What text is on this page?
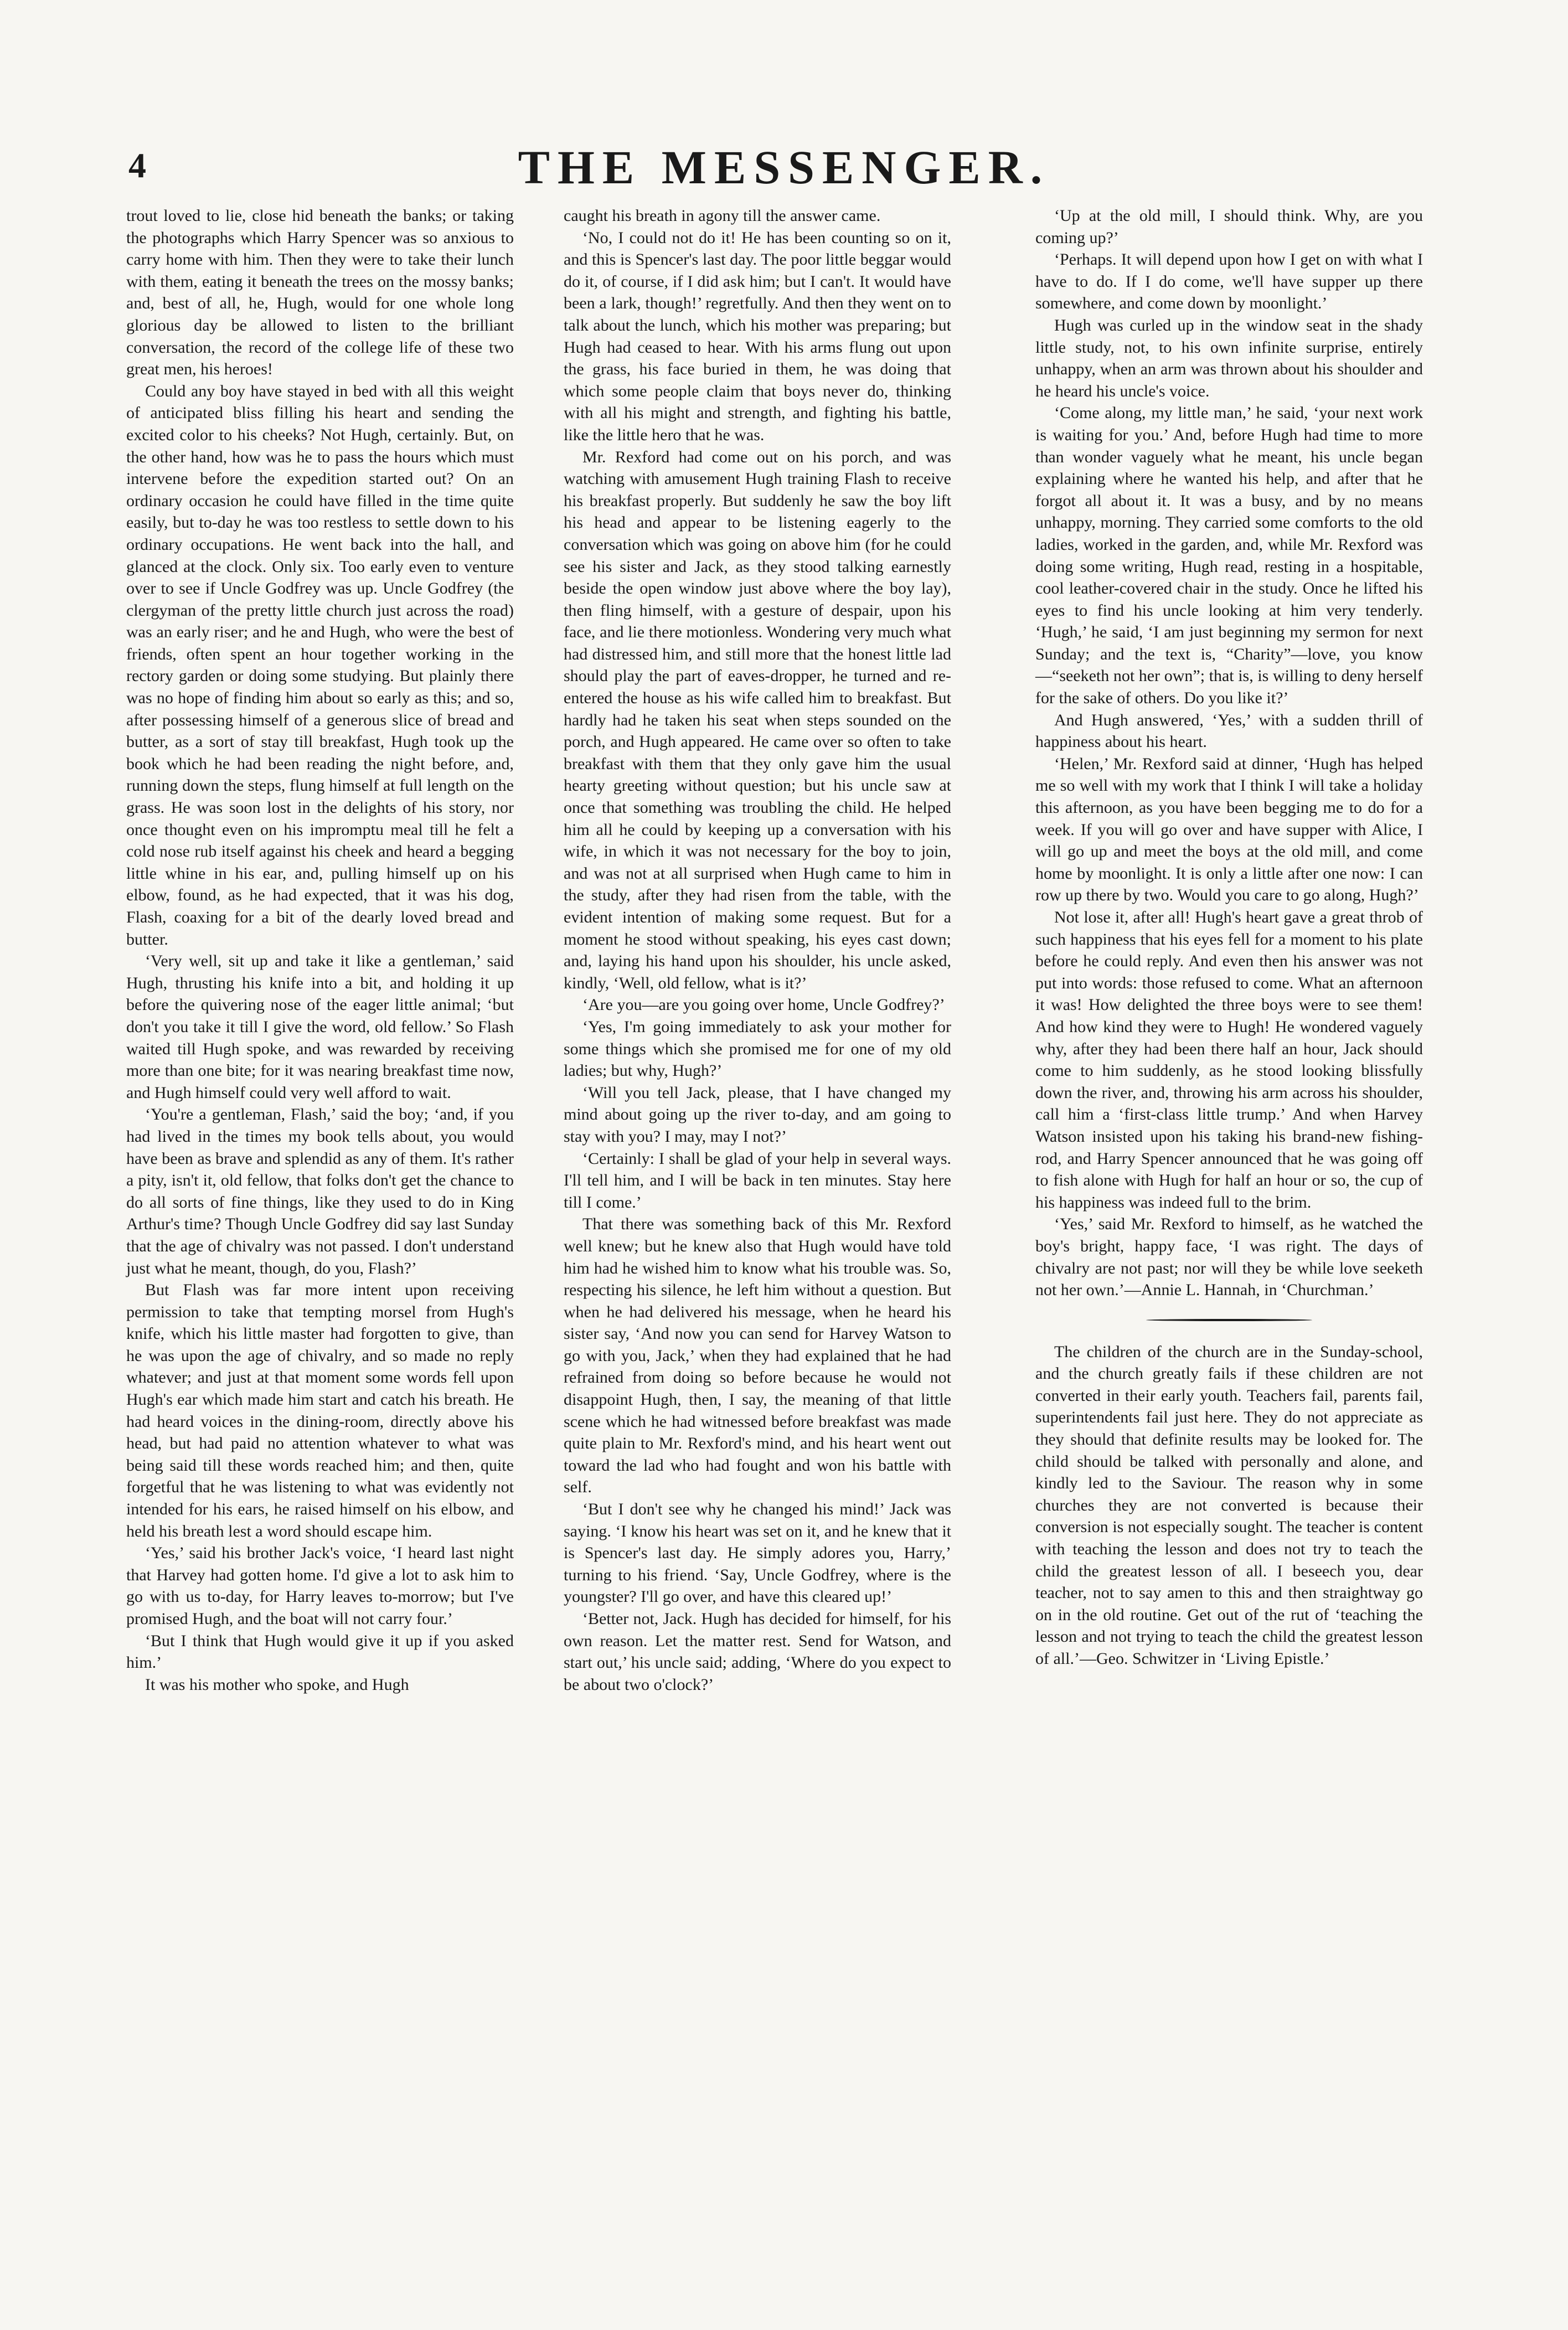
4	THE MESSENGER.

trout loved to lie, close hid beneath the banks; or taking the photographs which Harry Spencer was so anxious to carry home with him. Then they were to take their lunch with them, eating it beneath the trees on the mossy banks; and, best of all, he, Hugh, would for one whole long glorious day be allowed to listen to the brilliant conversation, the record of the college life of these two great men, his heroes!

Could any boy have stayed in bed with all this weight of anticipated bliss filling his heart and sending the excited color to his cheeks? Not Hugh, certainly. But, on the other hand, how was he to pass the hours which must intervene before the expedition started out? On an ordinary occasion he could have filled in the time quite easily, but to-day he was too restless to settle down to his ordinary occupations. He went back into the hall, and glanced at the clock. Only six. Too early even to venture over to see if Uncle Godfrey was up. Uncle Godfrey (the clergyman of the pretty little church just across the road) was an early riser; and he and Hugh, who were the best of friends, often spent an hour together working in the rectory garden or doing some studying. But plainly there was no hope of finding him about so early as this; and so, after possessing himself of a generous slice of bread and butter, as a sort of stay till breakfast, Hugh took up the book which he had been reading the night before, and, running down the steps, flung himself at full length on the grass. He was soon lost in the delights of his story, nor once thought even on his impromptu meal till he felt a cold nose rub itself against his cheek and heard a begging little whine in his ear, and, pulling himself up on his elbow, found, as he had expected, that it was his dog, Flash, coaxing for a bit of the dearly loved bread and butter.

‘Very well, sit up and take it like a gentleman,’ said Hugh, thrusting his knife into a bit, and holding it up before the quivering nose of the eager little animal; ‘but don't you take it till I give the word, old fellow.’ So Flash waited till Hugh spoke, and was rewarded by receiving more than one bite; for it was nearing breakfast time now, and Hugh himself could very well afford to wait.

‘You're a gentleman, Flash,’ said the boy; ‘and, if you had lived in the times my book tells about, you would have been as brave and splendid as any of them. It's rather a pity, isn't it, old fellow, that folks don't get the chance to do all sorts of fine things, like they used to do in King Arthur's time? Though Uncle Godfrey did say last Sunday that the age of chivalry was not passed. I don't understand just what he meant, though, do you, Flash?’

But Flash was far more intent upon receiving permission to take that tempting morsel from Hugh's knife, which his little master had forgotten to give, than he was upon the age of chivalry, and so made no reply whatever; and just at that moment some words fell upon Hugh's ear which made him start and catch his breath. He had heard voices in the dining-room, directly above his head, but had paid no attention whatever to what was being said till these words reached him; and then, quite forgetful that he was listening to what was evidently not intended for his ears, he raised himself on his elbow, and held his breath lest a word should escape him.

‘Yes,’ said his brother Jack's voice, ‘I heard last night that Harvey had gotten home. I'd give a lot to ask him to go with us to-day, for Harry leaves to-morrow; but I've promised Hugh, and the boat will not carry four.’

‘But I think that Hugh would give it up if you asked him.’

It was his mother who spoke, and Hugh

caught his breath in agony till the answer came.

‘No, I could not do it! He has been counting so on it, and this is Spencer's last day. The poor little beggar would do it, of course, if I did ask him; but I can't. It would have been a lark, though!’ regretfully. And then they went on to talk about the lunch, which his mother was preparing; but Hugh had ceased to hear. With his arms flung out upon the grass, his face buried in them, he was doing that which some people claim that boys never do, thinking with all his might and strength, and fighting his battle, like the little hero that he was.

Mr. Rexford had come out on his porch, and was watching with amusement Hugh training Flash to receive his breakfast properly. But suddenly he saw the boy lift his head and appear to be listening eagerly to the conversation which was going on above him (for he could see his sister and Jack, as they stood talking earnestly beside the open window just above where the boy lay), then fling himself, with a gesture of despair, upon his face, and lie there motionless. Wondering very much what had distressed him, and still more that the honest little lad should play the part of eaves-dropper, he turned and re-entered the house as his wife called him to breakfast. But hardly had he taken his seat when steps sounded on the porch, and Hugh appeared. He came over so often to take breakfast with them that they only gave him the usual hearty greeting without question; but his uncle saw at once that something was troubling the child. He helped him all he could by keeping up a conversation with his wife, in which it was not necessary for the boy to join, and was not at all surprised when Hugh came to him in the study, after they had risen from the table, with the evident intention of making some request. But for a moment he stood without speaking, his eyes cast down; and, laying his hand upon his shoulder, his uncle asked, kindly, ‘Well, old fellow, what is it?’

‘Are you—are you going over home, Uncle Godfrey?’

‘Yes, I'm going immediately to ask your mother for some things which she promised me for one of my old ladies; but why, Hugh?’

‘Will you tell Jack, please, that I have changed my mind about going up the river to-day, and am going to stay with you? I may, may I not?’

‘Certainly: I shall be glad of your help in several ways. I'll tell him, and I will be back in ten minutes. Stay here till I come.’

That there was something back of this Mr. Rexford well knew; but he knew also that Hugh would have told him had he wished him to know what his trouble was. So, respecting his silence, he left him without a question. But when he had delivered his message, when he heard his sister say, ‘And now you can send for Harvey Watson to go with you, Jack,’ when they had explained that he had refrained from doing so before because he would not disappoint Hugh, then, I say, the meaning of that little scene which he had witnessed before breakfast was made quite plain to Mr. Rexford's mind, and his heart went out toward the lad who had fought and won his battle with self.

‘But I don't see why he changed his mind!’ Jack was saying. ‘I know his heart was set on it, and he knew that it is Spencer's last day. He simply adores you, Harry,’ turning to his friend. ‘Say, Uncle Godfrey, where is the youngster? I'll go over, and have this cleared up!’

‘Better not, Jack. Hugh has decided for himself, for his own reason. Let the matter rest. Send for Watson, and start out,’ his uncle said; adding, ‘Where do you expect to be about two o'clock?’

‘Up at the old mill, I should think. Why, are you coming up?’

‘Perhaps. It will depend upon how I get on with what I have to do. If I do come, we'll have supper up there somewhere, and come down by moonlight.’

Hugh was curled up in the window seat in the shady little study, not, to his own infinite surprise, entirely unhappy, when an arm was thrown about his shoulder and he heard his uncle's voice.

‘Come along, my little man,’ he said, ‘your next work is waiting for you.’ And, before Hugh had time to more than wonder vaguely what he meant, his uncle began explaining where he wanted his help, and after that he forgot all about it. It was a busy, and by no means unhappy, morning. They carried some comforts to the old ladies, worked in the garden, and, while Mr. Rexford was doing some writing, Hugh read, resting in a hospitable, cool leather-covered chair in the study. Once he lifted his eyes to find his uncle looking at him very tenderly. ‘Hugh,’ he said, ‘I am just beginning my sermon for next Sunday; and the text is, “Charity”—love, you know—“seeketh not her own”; that is, is willing to deny herself for the sake of others. Do you like it?’

And Hugh answered, ‘Yes,’ with a sudden thrill of happiness about his heart.

‘Helen,’ Mr. Rexford said at dinner, ‘Hugh has helped me so well with my work that I think I will take a holiday this afternoon, as you have been begging me to do for a week. If you will go over and have supper with Alice, I will go up and meet the boys at the old mill, and come home by moonlight. It is only a little after one now: I can row up there by two. Would you care to go along, Hugh?’

Not lose it, after all! Hugh's heart gave a great throb of such happiness that his eyes fell for a moment to his plate before he could reply. And even then his answer was not put into words: those refused to come. What an afternoon it was! How delighted the three boys were to see them! And how kind they were to Hugh! He wondered vaguely why, after they had been there half an hour, Jack should come to him suddenly, as he stood looking blissfully down the river, and, throwing his arm across his shoulder, call him a ‘first-class little trump.’ And when Harvey Watson insisted upon his taking his brand-new fishing-rod, and Harry Spencer announced that he was going off to fish alone with Hugh for half an hour or so, the cup of his happiness was indeed full to the brim.

‘Yes,’ said Mr. Rexford to himself, as he watched the boy's bright, happy face, ‘I was right. The days of chivalry are not past; nor will they be while love seeketh not her own.’—Annie L. Hannah, in ‘Churchman.’

The children of the church are in the Sunday-school, and the church greatly fails if these children are not converted in their early youth. Teachers fail, parents fail, superintendents fail just here. They do not appreciate as they should that definite results may be looked for. The child should be talked with personally and alone, and kindly led to the Saviour. The reason why in some churches they are not converted is because their conversion is not especially sought. The teacher is content with teaching the lesson and does not try to teach the child the greatest lesson of all. I beseech you, dear teacher, not to say amen to this and then straightway go on in the old routine. Get out of the rut of ‘teaching the lesson and not trying to teach the child the greatest lesson of all.’—Geo. Schwitzer in ‘Living Epistle.’
